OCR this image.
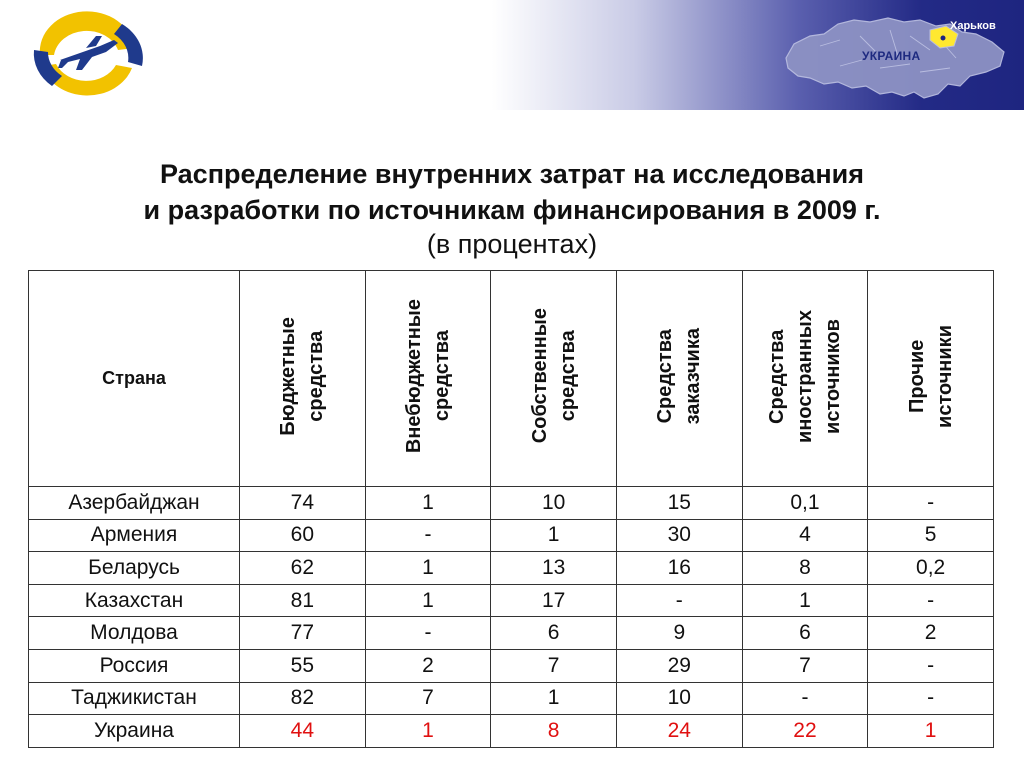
Харьков
УКРАИНА
Распределение внутренних затрат на исследования
и разработки по источникам финансирования в 2009 г.
(в процентах)
Страна	Бюджетные средства	Внебюджетные средства	Собственные средства	Средства заказчика	Средства иностранных источников	Прочие источники
Азербайджан	74	1	10	15	0,1	-
Армения	60	-	1	30	4	5
Беларусь	62	1	13	16	8	0,2
Казахстан	81	1	17	-	1	-
Молдова	77	-	6	9	6	2
Россия	55	2	7	29	7	-
Таджикистан	82	7	1	10	-	-
Украина	44	1	8	24	22	1
